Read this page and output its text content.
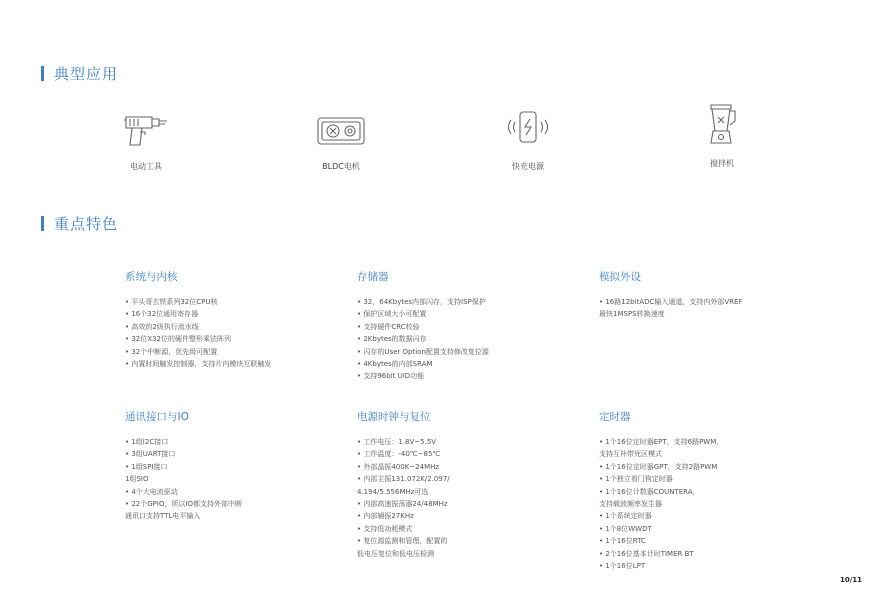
典型应用
电动工具	BLDC电机	快充电源	搅拌机
重点特色
系统与内核
• 平头哥玄铁系列32位CPU核
• 16个32位通用寄存器
• 高效的2级执行流水线
• 32位X32位的硬件整形乘法阵列
• 32个中断源，优先级可配置
• 内置时间触发控制器，支持片内模块互联触发
存储器
• 32，64Kbytes内部闪存，支持ISP保护
• 保护区域大小可配置
• 支持硬件CRC校验
• 2Kbytes的数据闪存
• 闪存的User Option配置支持修改复位源
• 4Kbytes的内部SRAM
• 支持96bit UID功能
模拟外设
• 16路12bitADC输入通道，支持内外部VREF
最快1MSPS转换速度
通讯接口与IO
• 1组I2C接口
• 3组UART接口
• 1组SPI接口
1组SIO
• 4个大电流驱动
• 22个GPIO，所以IO都支持外部中断
通讯口支持TTL电平输入
电源时钟与复位
• 工作电压：1.8V~5.5V
• 工作温度：-40℃~85℃
• 外部晶振400K~24MHz
• 内部主振131.072K/2.097/
4.194/5.556MHz可选
• 内部高速振荡器24/48MHz
• 内部辅振27KHz
• 支持低功耗模式
• 复位源监测和管理，配置的
低电压复位和低电压检测
定时器
• 1个16位定时器EPT，支持6路PWM，
支持互补带死区模式
• 1个16位定时器GPT，支持2路PWM
• 1个独立看门狗定时器
• 1个16位计数器COUNTERA，
支持载波频率发生器
• 1个系统定时器
• 1个8位WWDT
• 1个16位RTC
• 2个16位基本计时TIMER BT
• 1个16位LPT
10/11
